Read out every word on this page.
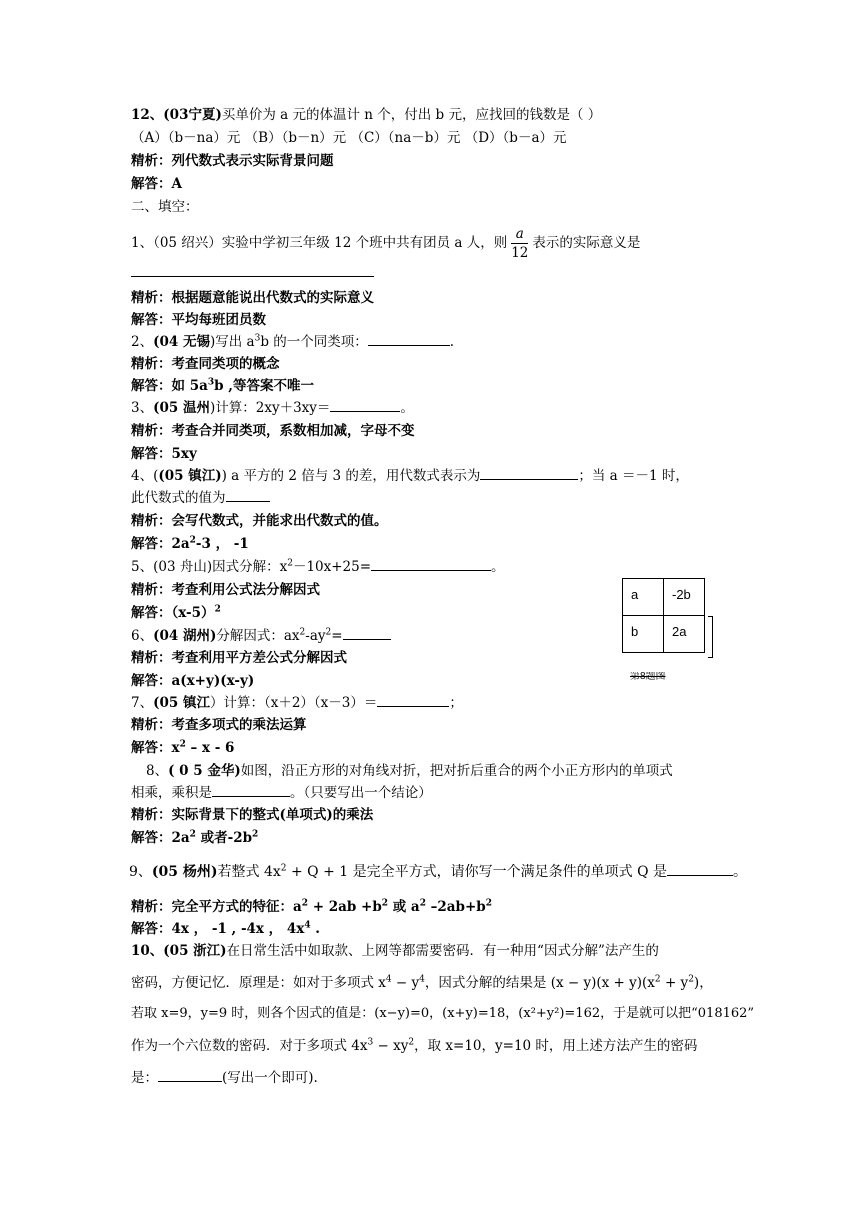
12、(03宁夏)买单价为 a 元的体温计 n 个，付出 b 元，应找回的钱数是（ ）
（A）（b－na）元 （B）（b－n）元 （C）（na－b）元 （D）（b－a）元
精析：列代数式表示实际背景问题
解答：A
二、填空：
1、（05 绍兴）实验中学初三年级 12 个班中共有团员 a 人，则 $\frac{a}{12}$ 表示的实际意义是
精析：根据题意能说出代数式的实际意义
解答：平均每班团员数
2、(04 无锡)写出 $a^3b$ 的一个同类项：	.
精析：考查同类项的概念
解答：如 $5a^3b$ ,等答案不唯一
3、(05 温州)计算：2xy＋3xy＝	。
精析：考查合并同类项，系数相加减，字母不变
解答：5xy
4、((05 镇江)) a 平方的 2 倍与 3 的差，用代数式表示为	；当 a ＝－1 时，
此代数式的值为
精析：会写代数式，并能求出代数式的值。
解答：$2a^2-3$ ， -1
5、(03 舟山)因式分解：$x^2-10x+25=$	。
精析：考查利用公式法分解因式
解答：$(x-5)^2$
6、(04 湖州)分解因式：$ax^2-ay^2=$
精析：考查利用平方差公式分解因式
解答：a(x+y)(x-y)
7、(05 镇江）计算：（x＋2）（x－3）＝	；
精析：考查多项式的乘法运算
解答：$x^2$ – x - 6
8、( 0 5 金华)如图，沿正方形的对角线对折，把对折后重合的两个小正方形内的单项式
相乘，乘积是	。（只要写出一个结论）
精析：实际背景下的整式(单项式)的乘法
解答：$2a^2$ 或者$-2b^2$
a	-2b
b	2a
第8题图
9、(05 杨州)若整式 $4x^2 + Q + 1$ 是完全平方式，请你写一个满足条件的单项式 Q 是	。
精析：完全平方式的特征：$a^2 + 2ab +b^2$ 或 $a^2$ $-2ab+b^2$
解答：4x ， -1 , -4x ， $4x^4$ .
10、(05 浙江)在日常生活中如取款、上网等都需要密码．有一种用“因式分解”法产生的
密码，方便记忆．原理是：如对于多项式 $x^4 - y^4$，因式分解的结果是 $(x - y)(x + y)(x^2 + y^2)$，
若取 x=9，y=9 时，则各个因式的值是：(x−y)=0，(x+y)=18，(x²+y²)=162，于是就可以把“018162”
作为一个六位数的密码．对于多项式 $4x^3 - xy^2$，取 x=10，y=10 时，用上述方法产生的密码
是：	(写出一个即可).
